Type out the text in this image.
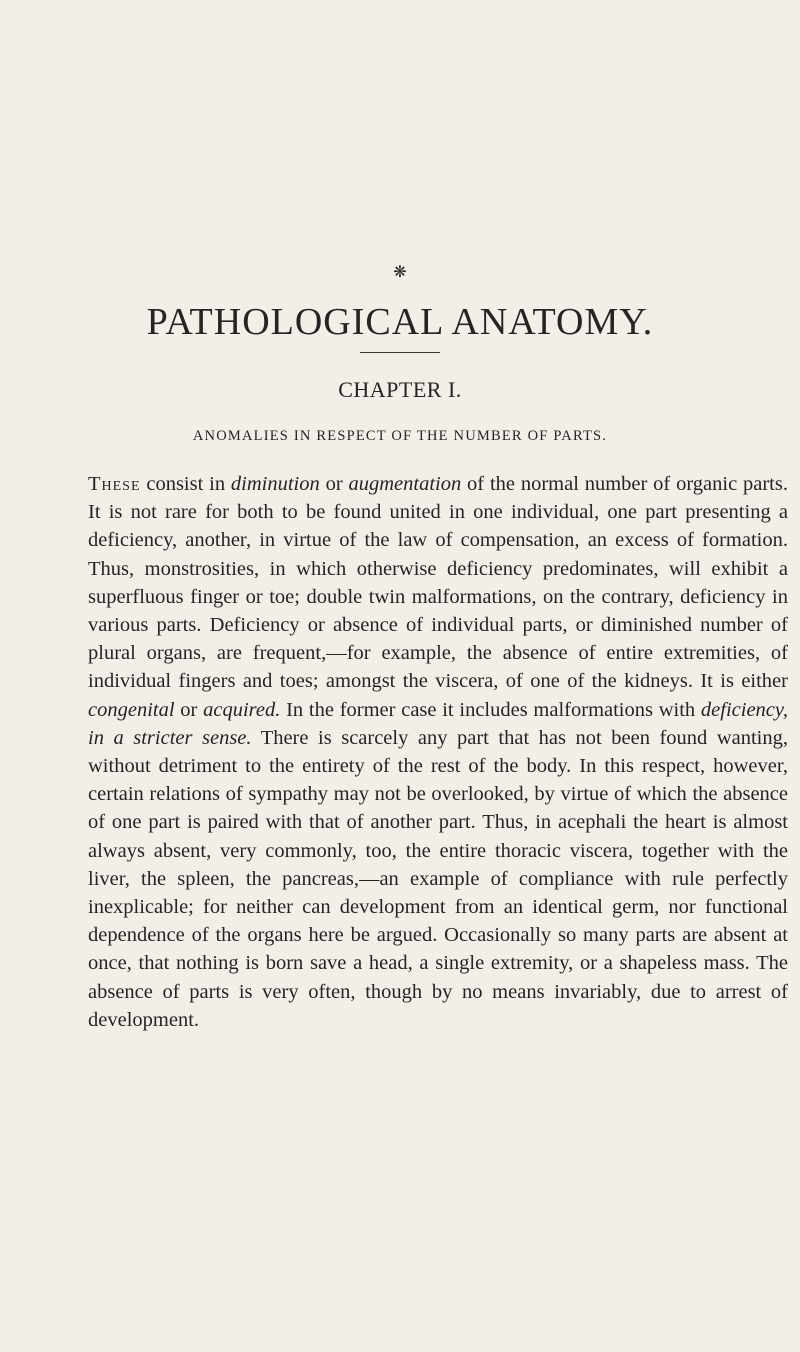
❋
PATHOLOGICAL ANATOMY.
CHAPTER I.
ANOMALIES IN RESPECT OF THE NUMBER OF PARTS.

These consist in diminution or augmentation of the normal number of organic parts. It is not rare for both to be found united in one individual, one part presenting a deficiency, another, in virtue of the law of compensation, an excess of formation. Thus, monstrosities, in which otherwise deficiency predominates, will exhibit a superfluous finger or toe; double twin malformations, on the contrary, deficiency in various parts. Deficiency or absence of individual parts, or diminished number of plural organs, are frequent,—for example, the absence of entire extremities, of individual fingers and toes; amongst the viscera, of one of the kidneys. It is either congenital or acquired. In the former case it includes malformations with deficiency, in a stricter sense. There is scarcely any part that has not been found wanting, without detriment to the entirety of the rest of the body. In this respect, however, certain relations of sympathy may not be overlooked, by virtue of which the absence of one part is paired with that of another part. Thus, in acephali the heart is almost always absent, very commonly, too, the entire thoracic viscera, together with the liver, the spleen, the pancreas,—an example of compliance with rule perfectly inexplicable; for neither can development from an identical germ, nor functional dependence of the organs here be argued. Occasionally so many parts are absent at once, that nothing is born save a head, a single extremity, or a shapeless mass. The absence of parts is very often, though by no means invariably, due to arrest of development.
